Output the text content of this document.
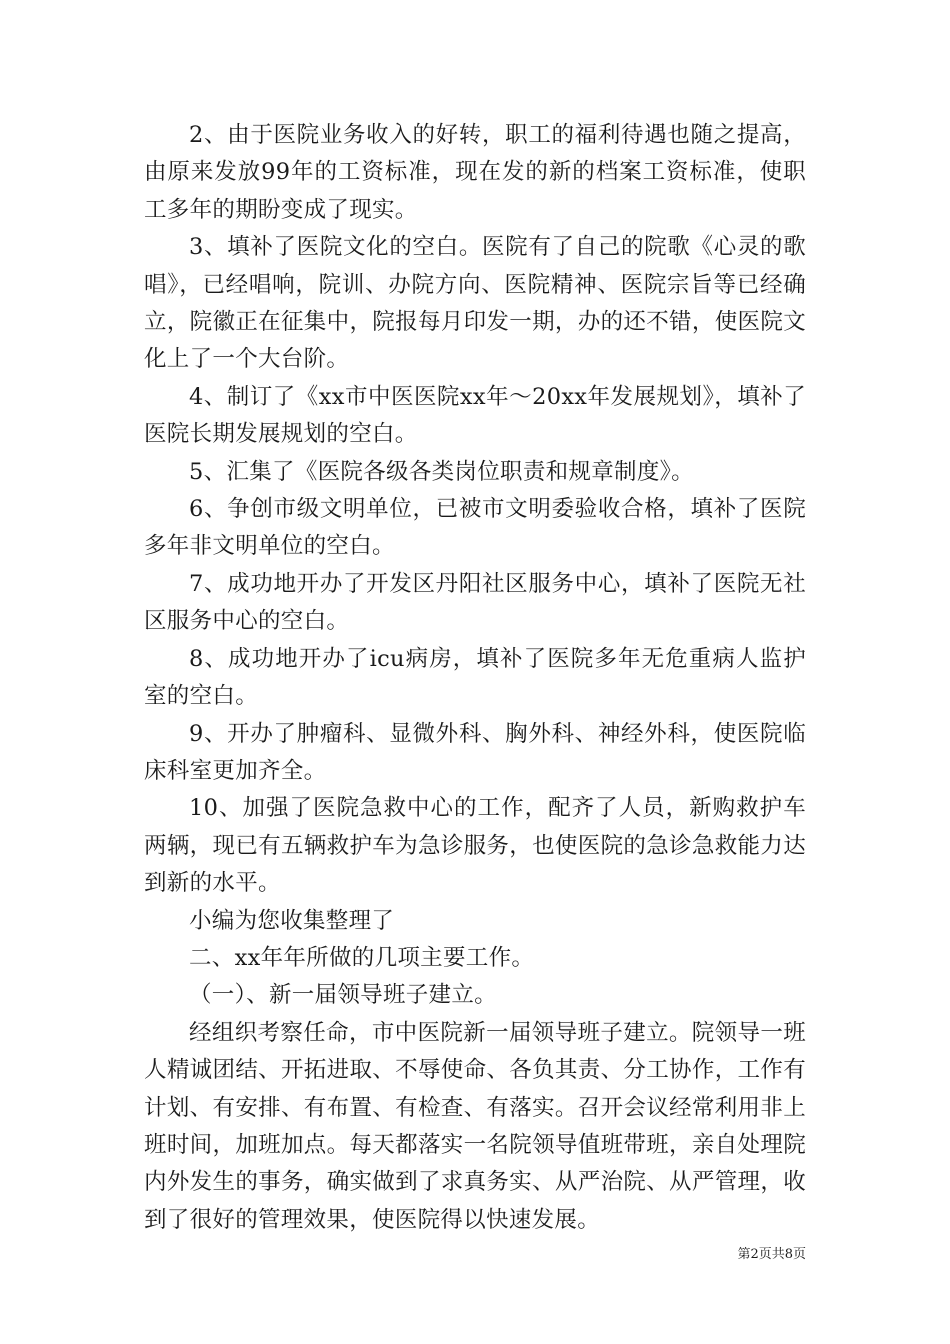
2、由于医院业务收入的好转，职工的福利待遇也随之提高，由原来发放99年的工资标准，现在发的新的档案工资标准，使职工多年的期盼变成了现实。

3、填补了医院文化的空白。医院有了自己的院歌《心灵的歌唱》，已经唱响，院训、办院方向、医院精神、医院宗旨等已经确立，院徽正在征集中，院报每月印发一期，办的还不错，使医院文化上了一个大台阶。

4、制订了《xx市中医医院xx年～20xx年发展规划》，填补了医院长期发展规划的空白。

5、汇集了《医院各级各类岗位职责和规章制度》。

6、争创市级文明单位，已被市文明委验收合格，填补了医院多年非文明单位的空白。

7、成功地开办了开发区丹阳社区服务中心，填补了医院无社区服务中心的空白。

8、成功地开办了icu病房，填补了医院多年无危重病人监护室的空白。

9、开办了肿瘤科、显微外科、胸外科、神经外科，使医院临床科室更加齐全。

10、加强了医院急救中心的工作，配齐了人员，新购救护车两辆，现已有五辆救护车为急诊服务，也使医院的急诊急救能力达到新的水平。

小编为您收集整理了

二、xx年年所做的几项主要工作。

（一）、新一届领导班子建立。

经组织考察任命，市中医院新一届领导班子建立。院领导一班人精诚团结、开拓进取、不辱使命、各负其责、分工协作，工作有计划、有安排、有布置、有检查、有落实。召开会议经常利用非上班时间，加班加点。每天都落实一名院领导值班带班，亲自处理院内外发生的事务，确实做到了求真务实、从严治院、从严管理，收到了很好的管理效果，使医院得以快速发展。

第2页共8页
